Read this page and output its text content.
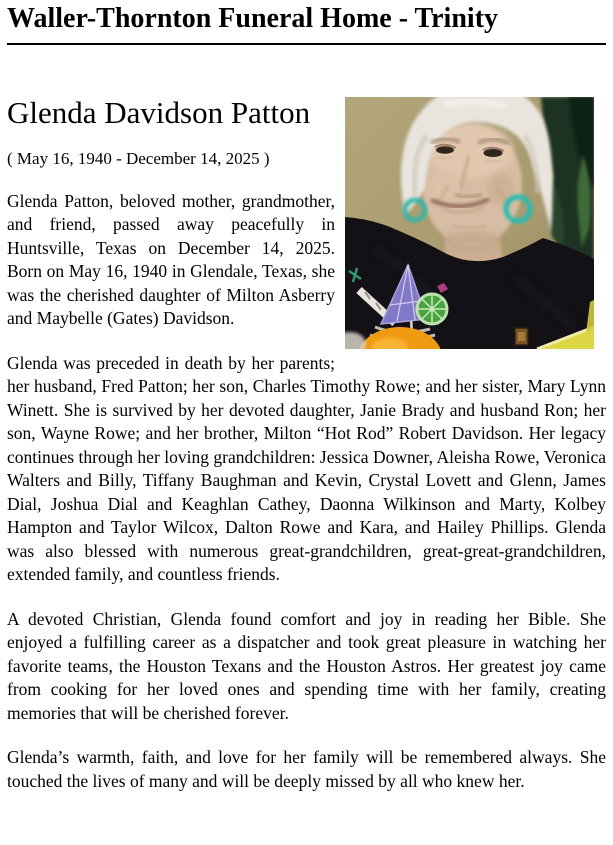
Waller-Thornton Funeral Home - Trinity
Glenda Davidson Patton

( May 16, 1940 - December 14, 2025 )

Glenda Patton, beloved mother, grandmother, and friend, passed away peacefully in Huntsville, Texas on December 14, 2025. Born on May 16, 1940 in Glendale, Texas, she was the cherished daughter of Milton Asberry and Maybelle (Gates) Davidson.

Glenda was preceded in death by her parents; her husband, Fred Patton; her son, Charles Timothy Rowe; and her sister, Mary Lynn Winett. She is survived by her devoted daughter, Janie Brady and husband Ron; her son, Wayne Rowe; and her brother, Milton “Hot Rod” Robert Davidson. Her legacy continues through her loving grandchildren: Jessica Downer, Aleisha Rowe, Veronica Walters and Billy, Tiffany Baughman and Kevin, Crystal Lovett and Glenn, James Dial, Joshua Dial and Keaghlan Cathey, Daonna Wilkinson and Marty, Kolbey Hampton and Taylor Wilcox, Dalton Rowe and Kara, and Hailey Phillips. Glenda was also blessed with numerous great-grandchildren, great-great-grandchildren, extended family, and countless friends.

A devoted Christian, Glenda found comfort and joy in reading her Bible. She enjoyed a fulfilling career as a dispatcher and took great pleasure in watching her favorite teams, the Houston Texans and the Houston Astros. Her greatest joy came from cooking for her loved ones and spending time with her family, creating memories that will be cherished forever.

Glenda’s warmth, faith, and love for her family will be remembered always. She touched the lives of many and will be deeply missed by all who knew her.
